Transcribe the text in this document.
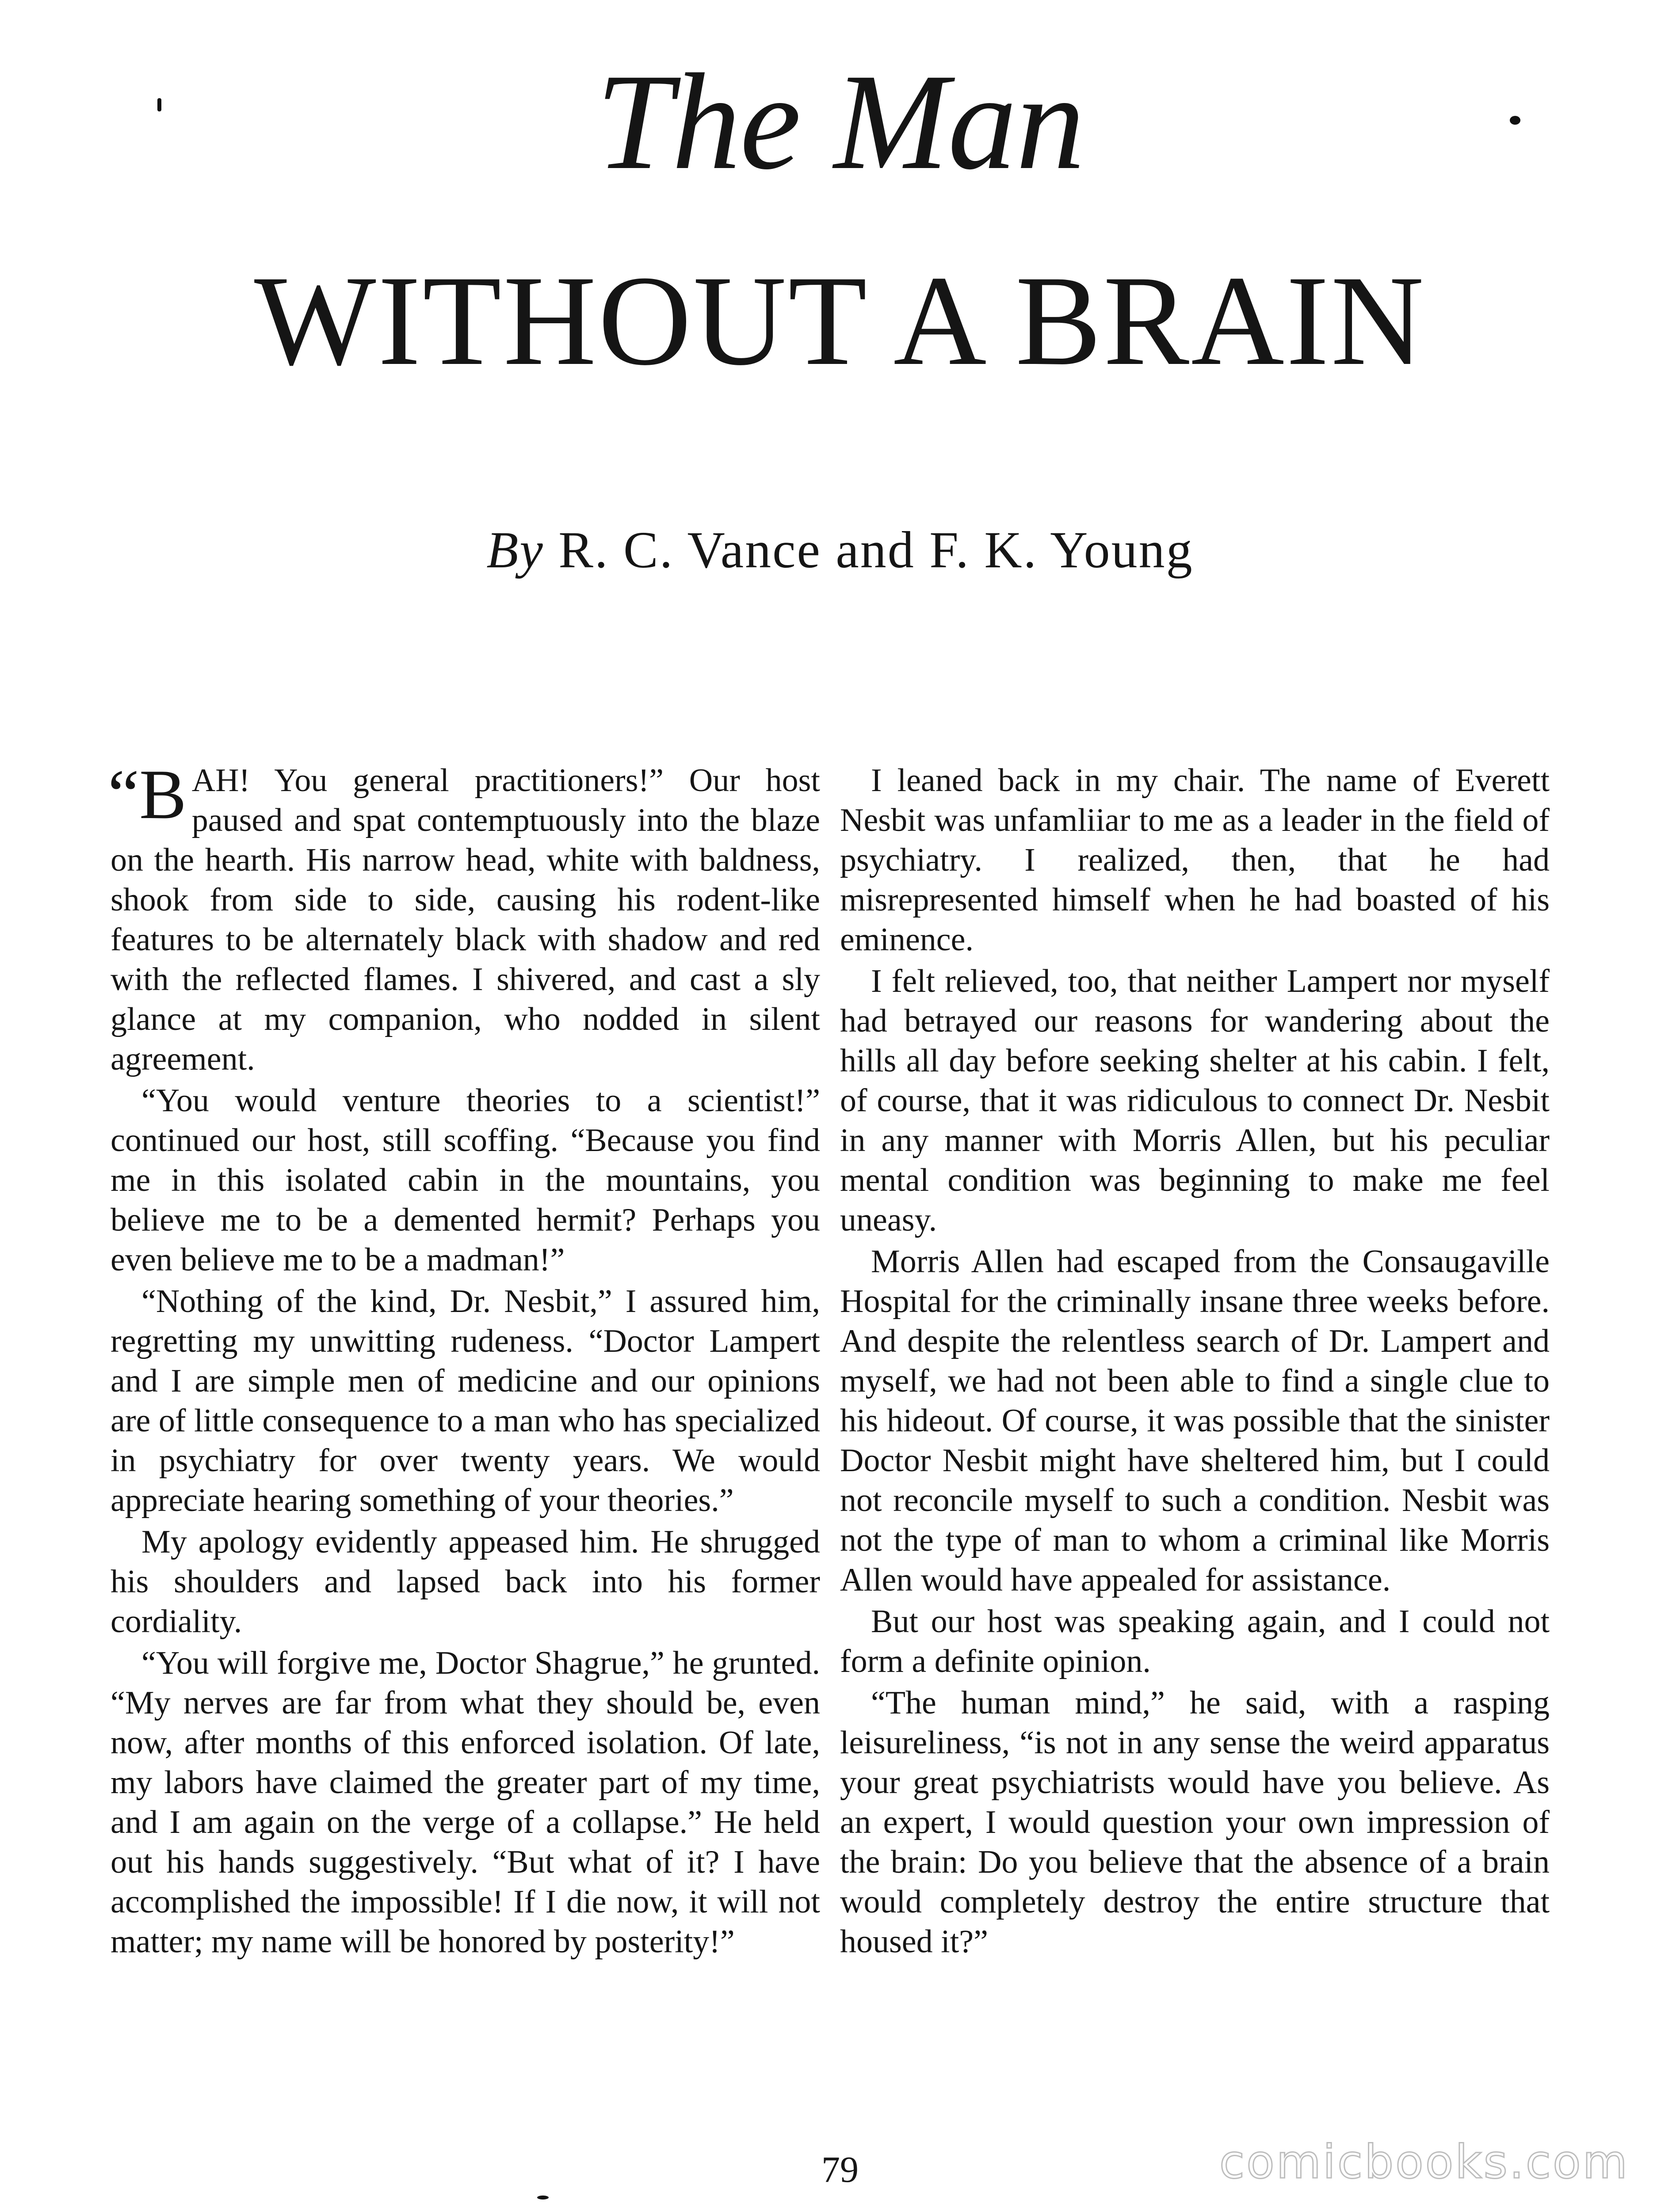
The Man
WITHOUT A BRAIN
By R. C. Vance and F. K. Young

“B AH! You general practitioners!” Our host paused and spat contemptuously into the blaze on the hearth. His narrow head, white with baldness, shook from side to side, causing his rodent-like features to be alternately black with shadow and red with the reflected flames. I shivered, and cast a sly glance at my companion, who nodded in silent agreement.

“You would venture theories to a scientist!” continued our host, still scoffing. “Because you find me in this isolated cabin in the mountains, you believe me to be a demented hermit? Perhaps you even believe me to be a madman!”

“Nothing of the kind, Dr. Nesbit,” I assured him, regretting my unwitting rudeness. “Doctor Lampert and I are simple men of medicine and our opinions are of little consequence to a man who has specialized in psychiatry for over twenty years. We would appreciate hearing something of your theories.”

My apology evidently appeased him. He shrugged his shoulders and lapsed back into his former cordiality.

“You will forgive me, Doctor Shagrue,” he grunted. “My nerves are far from what they should be, even now, after months of this enforced isolation. Of late, my labors have claimed the greater part of my time, and I am again on the verge of a collapse.” He held out his hands suggestively. “But what of it? I have accomplished the impossible! If I die now, it will not matter; my name will be honored by posterity!”

I leaned back in my chair. The name of Everett Nesbit was unfamliiar to me as a leader in the field of psychiatry. I realized, then, that he had misrepresented himself when he had boasted of his eminence.

I felt relieved, too, that neither Lampert nor myself had betrayed our reasons for wandering about the hills all day before seeking shelter at his cabin. I felt, of course, that it was ridiculous to connect Dr. Nesbit in any manner with Morris Allen, but his peculiar mental condition was beginning to make me feel uneasy.

Morris Allen had escaped from the Consaugaville Hospital for the criminally insane three weeks before. And despite the relentless search of Dr. Lampert and myself, we had not been able to find a single clue to his hideout. Of course, it was possible that the sinister Doctor Nesbit might have sheltered him, but I could not reconcile myself to such a condition. Nesbit was not the type of man to whom a criminal like Morris Allen would have appealed for assistance.

But our host was speaking again, and I could not form a definite opinion.

“The human mind,” he said, with a rasping leisureliness, “is not in any sense the weird apparatus your great psychiatrists would have you believe. As an expert, I would question your own impression of the brain: Do you believe that the absence of a brain would completely destroy the entire structure that housed it?”

79	comicbooks.com
